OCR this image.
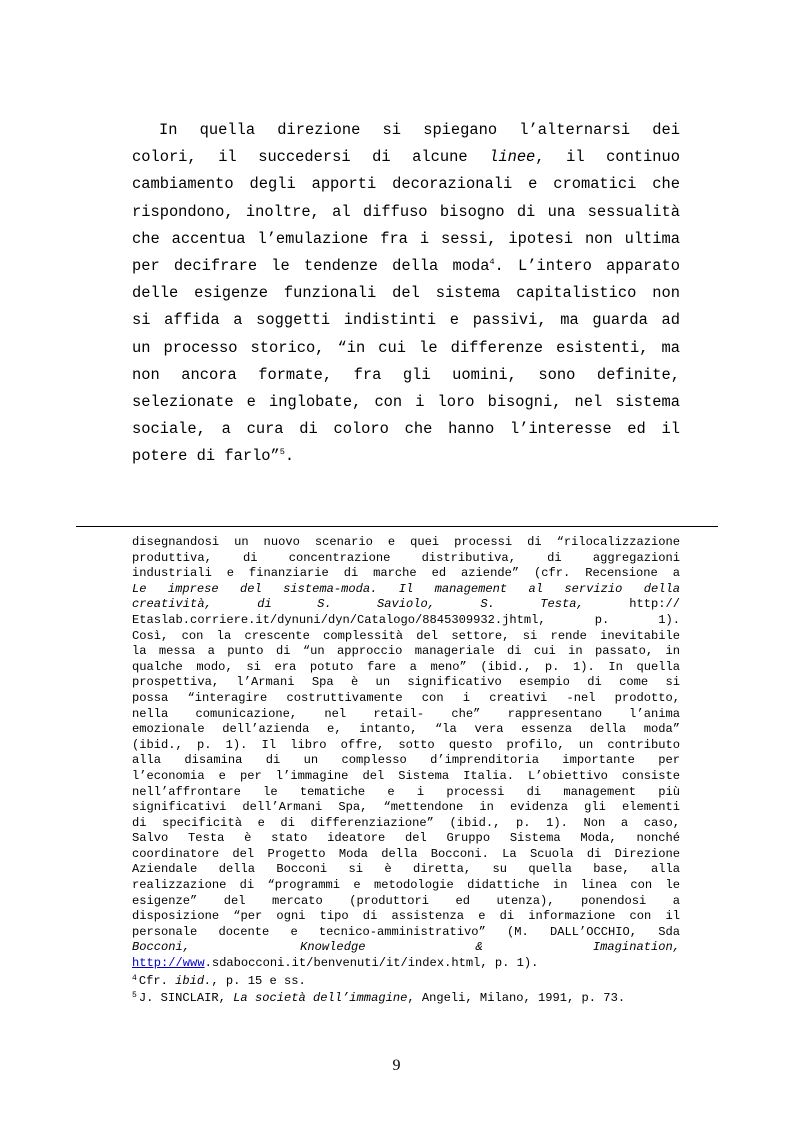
In quella direzione si spiegano l’alternarsi dei
colori, il succedersi di alcune linee, il continuo
cambiamento degli apporti decorazionali e cromatici che
rispondono, inoltre, al diffuso bisogno di una sessualità
che accentua l’emulazione fra i sessi, ipotesi non ultima
per decifrare le tendenze della moda$^4$. L’intero apparato
delle esigenze funzionali del sistema capitalistico non
si affida a soggetti indistinti e passivi, ma guarda ad
un processo storico, “in cui le differenze esistenti, ma
non ancora formate, fra gli uomini, sono definite,
selezionate e inglobate, con i loro bisogni, nel sistema
sociale, a cura di coloro che hanno l’interesse ed il
potere di farlo”$^5$.
disegnandosi un nuovo scenario e quei processi di “rilocalizzazione
produttiva, di concentrazione distributiva, di aggregazioni
industriali e finanziarie di marche ed aziende” (cfr. Recensione a
Le imprese del sistema-moda. Il management al servizio della
creatività, di S. Saviolo, S. Testa,	http://
Etaslab.corriere.it/dynuni/dyn/Catalogo/8845309932.jhtml, p. 1).
Così, con la crescente complessità del settore, si rende inevitabile
la messa a punto di “un approccio manageriale di cui in passato, in
qualche modo, si era potuto fare a meno” (ibid., p. 1). In quella
prospettiva, l’Armani Spa è un significativo esempio di come si
possa “interagire costruttivamente con i creativi -nel prodotto,
nella comunicazione, nel retail- che” rappresentano l’anima
emozionale dell’azienda e, intanto, “la vera essenza della moda”
(ibid., p. 1). Il libro offre, sotto questo profilo, un contributo
alla disamina di un complesso d’imprenditoria importante per
l’economia e per l’immagine del Sistema Italia. L’obiettivo consiste
nell’affrontare le tematiche e i processi di management più
significativi dell’Armani Spa, “mettendone in evidenza gli elementi
di specificità e di differenziazione” (ibid., p. 1). Non a caso,
Salvo Testa è stato ideatore del Gruppo Sistema Moda, nonché
coordinatore del Progetto Moda della Bocconi. La Scuola di Direzione
Aziendale della Bocconi si è diretta, su quella base, alla
realizzazione di “programmi e metodologie didattiche in linea con le
esigenze” del mercato (produttori ed utenza), ponendosi a
disposizione “per ogni tipo di assistenza e di informazione con il
personale docente e tecnico-amministrativo” (M. DALL’OCCHIO, Sda
Bocconi, Knowledge & Imagination,
http://www.sdabocconi.it/benvenuti/it/index.html, p. 1).
$^4$ Cfr. ibid., p. 15 e ss.
$^5$ J. SINCLAIR, La società dell’immagine, Angeli, Milano, 1991, p. 73.
9
